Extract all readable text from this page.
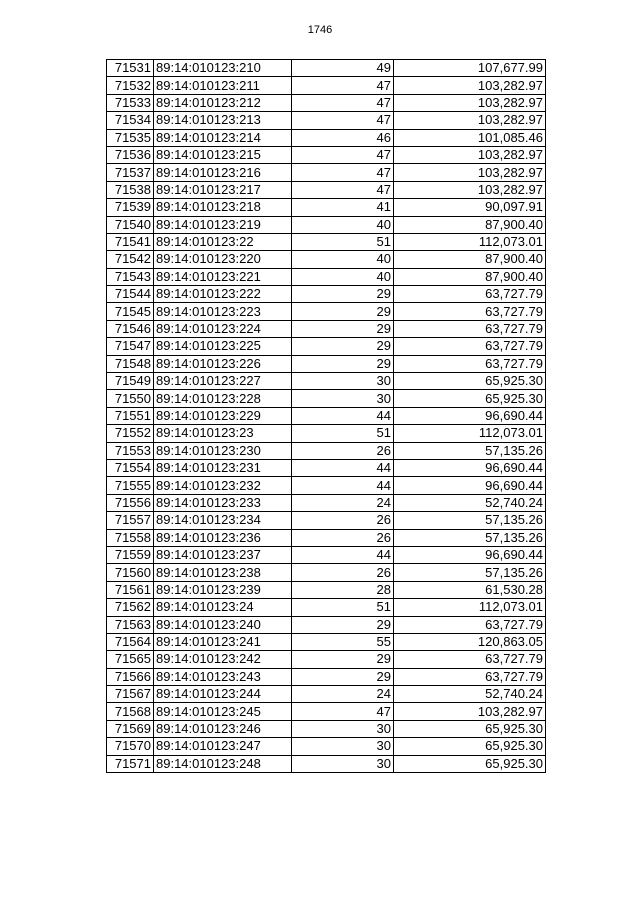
1746
71531	89:14:010123:210	49	107,677.99
71532	89:14:010123:211	47	103,282.97
71533	89:14:010123:212	47	103,282.97
71534	89:14:010123:213	47	103,282.97
71535	89:14:010123:214	46	101,085.46
71536	89:14:010123:215	47	103,282.97
71537	89:14:010123:216	47	103,282.97
71538	89:14:010123:217	47	103,282.97
71539	89:14:010123:218	41	90,097.91
71540	89:14:010123:219	40	87,900.40
71541	89:14:010123:22	51	112,073.01
71542	89:14:010123:220	40	87,900.40
71543	89:14:010123:221	40	87,900.40
71544	89:14:010123:222	29	63,727.79
71545	89:14:010123:223	29	63,727.79
71546	89:14:010123:224	29	63,727.79
71547	89:14:010123:225	29	63,727.79
71548	89:14:010123:226	29	63,727.79
71549	89:14:010123:227	30	65,925.30
71550	89:14:010123:228	30	65,925.30
71551	89:14:010123:229	44	96,690.44
71552	89:14:010123:23	51	112,073.01
71553	89:14:010123:230	26	57,135.26
71554	89:14:010123:231	44	96,690.44
71555	89:14:010123:232	44	96,690.44
71556	89:14:010123:233	24	52,740.24
71557	89:14:010123:234	26	57,135.26
71558	89:14:010123:236	26	57,135.26
71559	89:14:010123:237	44	96,690.44
71560	89:14:010123:238	26	57,135.26
71561	89:14:010123:239	28	61,530.28
71562	89:14:010123:24	51	112,073.01
71563	89:14:010123:240	29	63,727.79
71564	89:14:010123:241	55	120,863.05
71565	89:14:010123:242	29	63,727.79
71566	89:14:010123:243	29	63,727.79
71567	89:14:010123:244	24	52,740.24
71568	89:14:010123:245	47	103,282.97
71569	89:14:010123:246	30	65,925.30
71570	89:14:010123:247	30	65,925.30
71571	89:14:010123:248	30	65,925.30
